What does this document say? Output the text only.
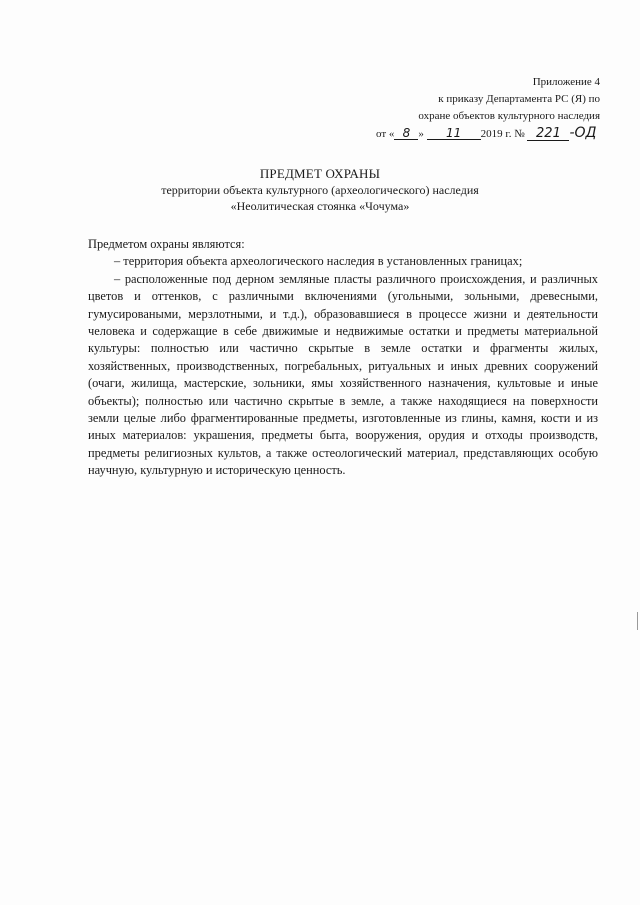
Приложение 4
к приказу Департамента РС (Я) по
охране объектов культурного наследия
от « 8 » 11 2019 г. № 221 -ОД
ПРЕДМЕТ ОХРАНЫ
территории объекта культурного (археологического) наследия
«Неолитическая стоянка «Чочума»

Предметом охраны являются:

– территория объекта археологического наследия в установленных границах;

– расположенные под дерном земляные пласты различного происхождения, и различных цветов и оттенков, с различными включениями (угольными, зольными, древесными, гумусироваными, мерзлотными, и т.д.), образовавшиеся в процессе жизни и деятельности человека и содержащие в себе движимые и недвижимые остатки и предметы материальной культуры: полностью или частично скрытые в земле остатки и фрагменты жилых, хозяйственных, производственных, погребальных, ритуальных и иных древних сооружений (очаги, жилища, мастерские, зольники, ямы хозяйственного назначения, культовые и иные объекты); полностью или частично скрытые в земле, а также находящиеся на поверхности земли целые либо фрагментированные предметы, изготовленные из глины, камня, кости и из иных материалов: украшения, предметы быта, вооружения, орудия и отходы производств, предметы религиозных культов, а также остеологический материал, представляющих особую научную, культурную и историческую ценность.
